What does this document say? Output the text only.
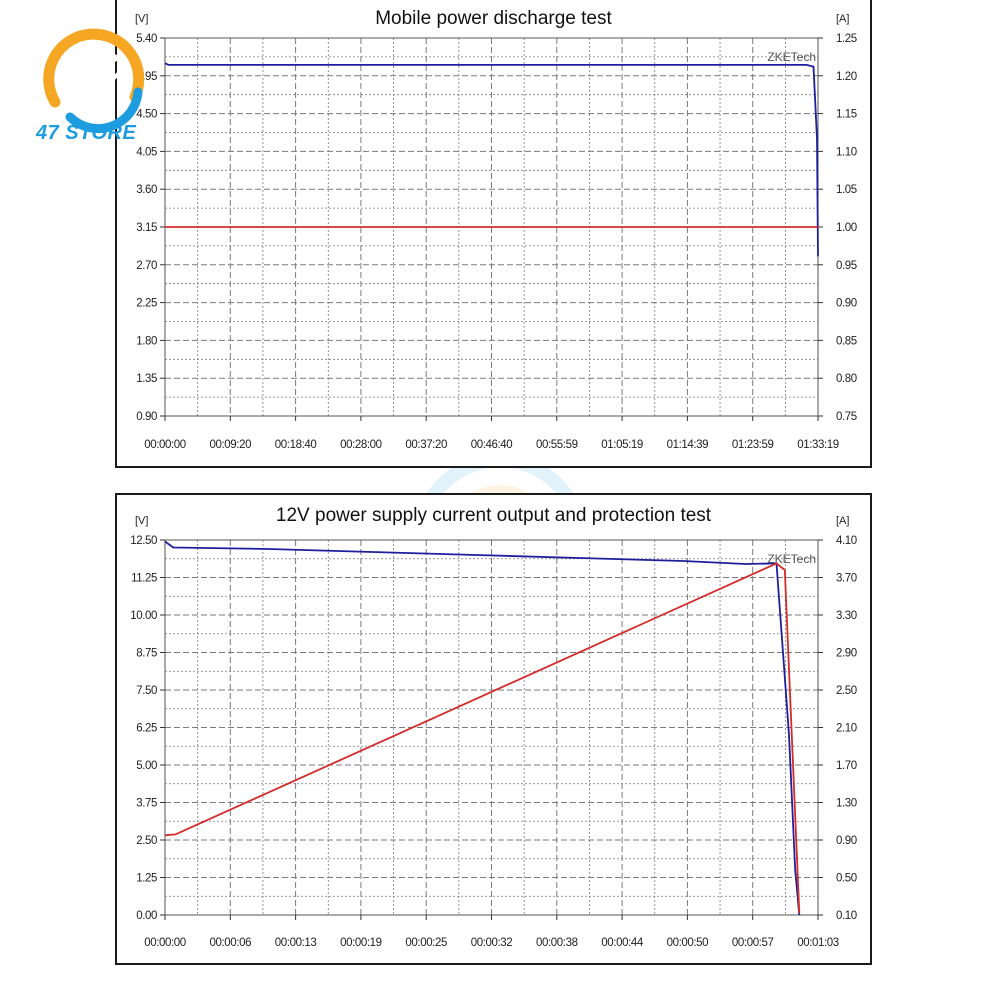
Mobile power discharge test
12V power supply current output and protection test
5.40
4.95
4.50
4.05
3.60
3.15
2.70
2.25
1.80
1.35
0.90
1.25
1.20
1.15
1.10
1.05
1.00
0.95
0.90
0.85
0.80
0.75
00:00:00 00:09:20 00:18:40 00:28:00 00:37:20 00:46:40 00:55:59 01:05:19 01:14:39 01:23:59 01:33:19
[V]	[A]
ZKETech
12.50
11.25
10.00
8.75
7.50
6.25
5.00
3.75
2.50
1.25
0.00
4.10
3.70
3.30
2.90
2.50
2.10
1.70
1.30
0.90
0.50
0.10
00:00:00 00:00:06 00:00:13 00:00:19 00:00:25 00:00:32 00:00:38 00:00:44 00:00:50 00:00:57 00:01:03
[V]	[A]
ZKETech
47 STORE
